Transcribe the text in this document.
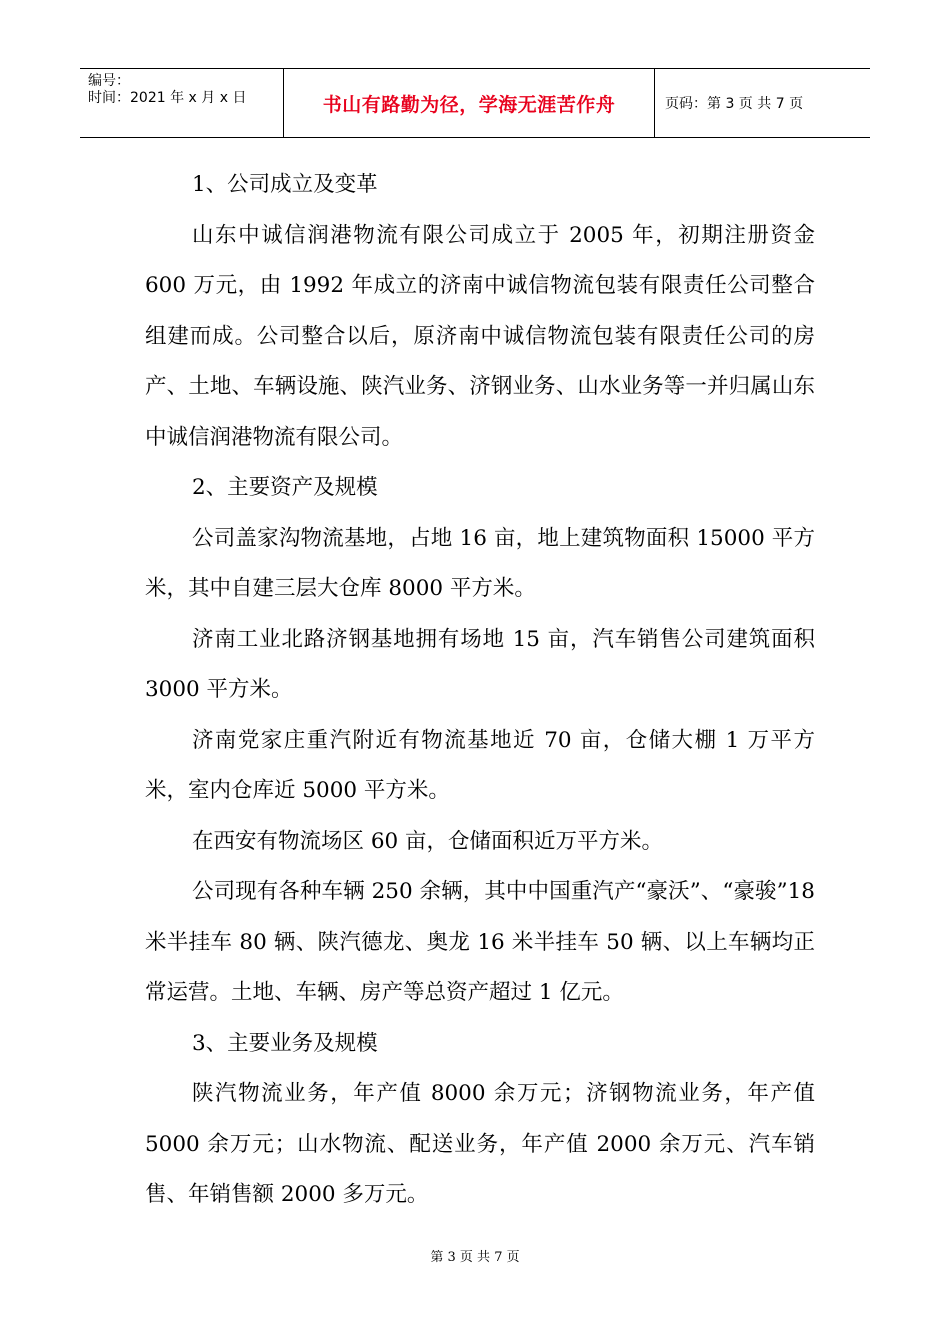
编号：
时间：2021 年 x 月 x 日	书山有路勤为径，学海无涯苦作舟	页码：第 3 页 共 7 页
1、公司成立及变革
山东中诚信润港物流有限公司成立于 2005 年，初期注册资金 600 万元，由 1992 年成立的济南中诚信物流包装有限责任公司整合组建而成。公司整合以后，原济南中诚信物流包装有限责任公司的房产、土地、车辆设施、陕汽业务、济钢业务、山水业务等一并归属山东中诚信润港物流有限公司。
2、主要资产及规模
公司盖家沟物流基地，占地 16 亩，地上建筑物面积 15000 平方米，其中自建三层大仓库 8000 平方米。
济南工业北路济钢基地拥有场地 15 亩，汽车销售公司建筑面积 3000 平方米。
济南党家庄重汽附近有物流基地近 70 亩，仓储大棚 1 万平方米，室内仓库近 5000 平方米。
在西安有物流场区 60 亩，仓储面积近万平方米。
公司现有各种车辆 250 余辆，其中中国重汽产“豪沃”、“豪骏”18 米半挂车 80 辆、陕汽德龙、奥龙 16 米半挂车 50 辆、以上车辆均正常运营。土地、车辆、房产等总资产超过 1 亿元。
3、主要业务及规模
陕汽物流业务，年产值 8000 余万元；济钢物流业务，年产值 5000 余万元；山水物流、配送业务，年产值 2000 余万元、汽车销售、年销售额 2000 多万元。
第 3 页 共 7 页
